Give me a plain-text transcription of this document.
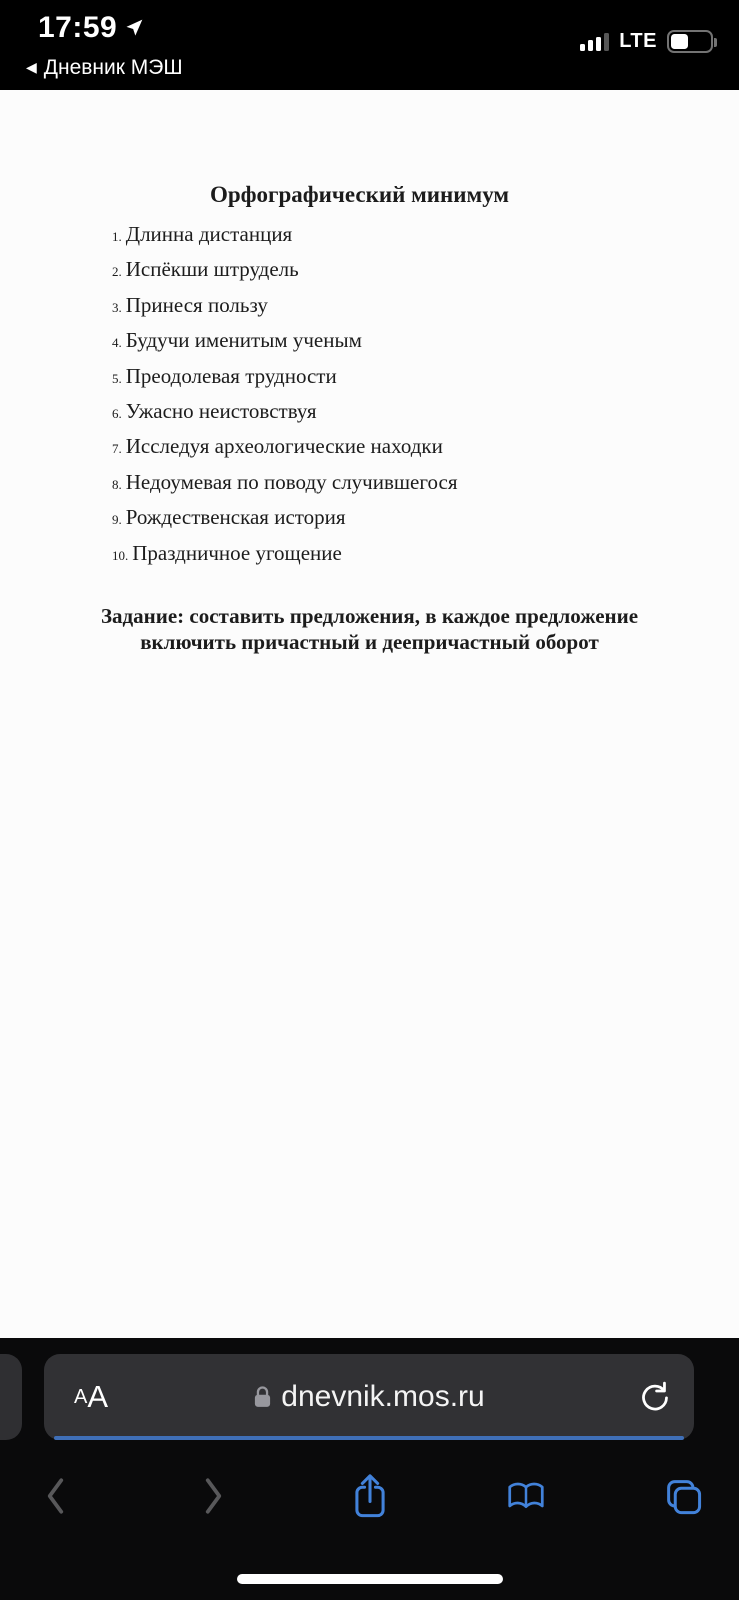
17:59
◀ Дневник МЭШ
LTE
Орфографический минимум
1. Длинна дистанция
2. Испёкши штрудель
3. Принеся пользу
4. Будучи именитым ученым
5. Преодолевая трудности
6. Ужасно неистовствуя
7. Исследуя археологические находки
8. Недоумевая по поводу случившегося
9. Рождественская история
10. Праздничное угощение
Задание: составить предложения, в каждое предложение включить причастный и деепричастный оборот
A A	dnevnik.mos.ru
